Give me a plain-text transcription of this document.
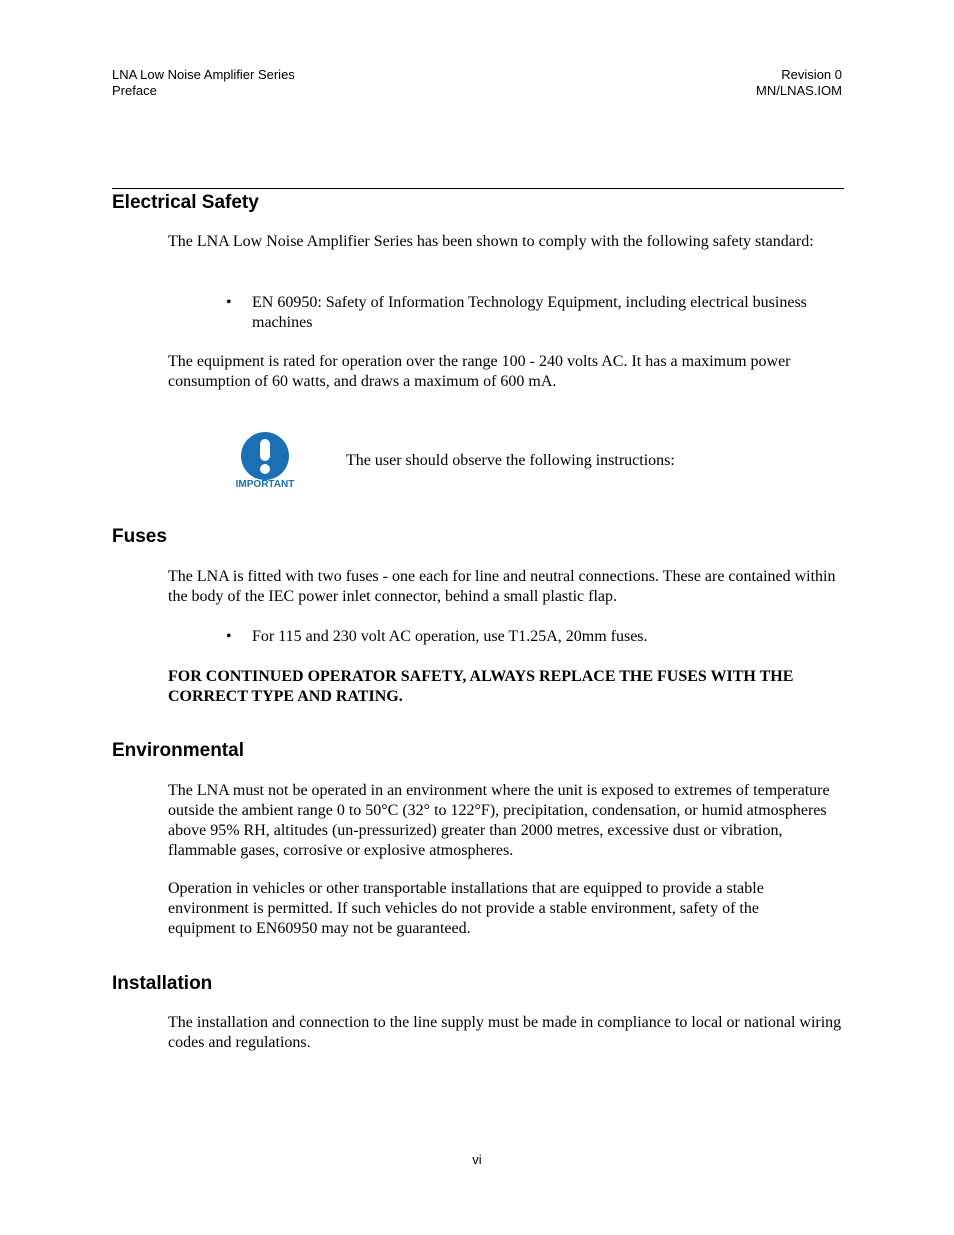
LNA Low Noise Amplifier Series
Preface
Revision 0
MN/LNAS.IOM
Electrical Safety

The LNA Low Noise Amplifier Series has been shown to comply with the following safety standard:

• EN 60950: Safety of Information Technology Equipment, including electrical business machines

The equipment is rated for operation over the range 100 - 240 volts AC. It has a maximum power consumption of 60 watts, and draws a maximum of 600 mA.

IMPORTANT

The user should observe the following instructions:

Fuses

The LNA is fitted with two fuses - one each for line and neutral connections. These are contained within the body of the IEC power inlet connector, behind a small plastic flap.

• For 115 and 230 volt AC operation, use T1.25A, 20mm fuses.

FOR CONTINUED OPERATOR SAFETY, ALWAYS REPLACE THE FUSES WITH THE CORRECT TYPE AND RATING.

Environmental

The LNA must not be operated in an environment where the unit is exposed to extremes of temperature outside the ambient range 0 to 50°C (32° to 122°F), precipitation, condensation, or humid atmospheres above 95% RH, altitudes (un-pressurized) greater than 2000 metres, excessive dust or vibration, flammable gases, corrosive or explosive atmospheres.

Operation in vehicles or other transportable installations that are equipped to provide a stable environment is permitted. If such vehicles do not provide a stable environment, safety of the equipment to EN60950 may not be guaranteed.

Installation

The installation and connection to the line supply must be made in compliance to local or national wiring codes and regulations.

vi
